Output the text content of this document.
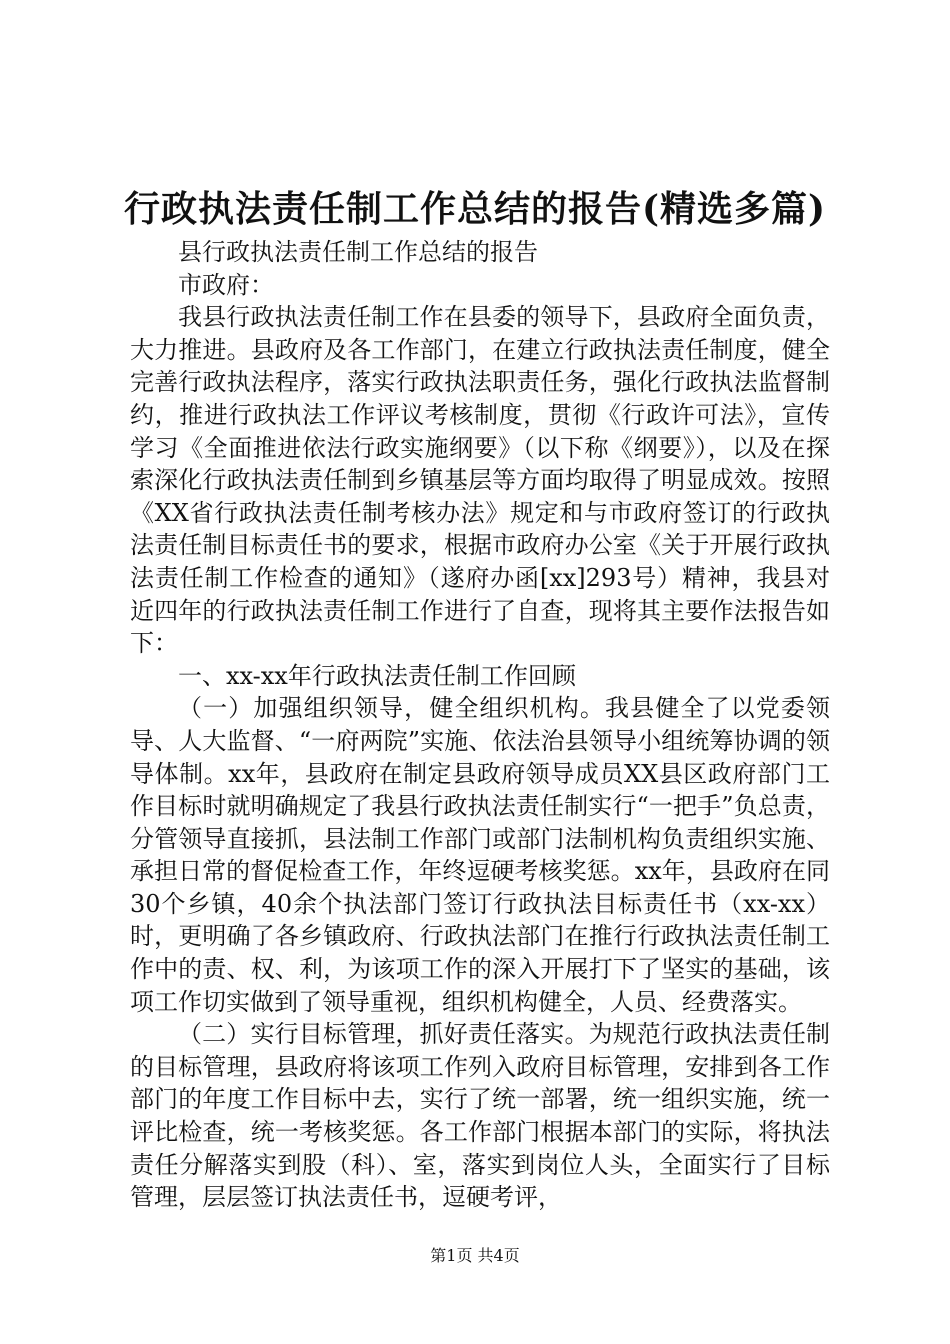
行政执法责任制工作总结的报告(精选多篇)

县行政执法责任制工作总结的报告

市政府：

我县行政执法责任制工作在县委的领导下，县政府全面负责，大力推进。县政府及各工作部门，在建立行政执法责任制度，健全完善行政执法程序，落实行政执法职责任务，强化行政执法监督制约，推进行政执法工作评议考核制度，贯彻《行政许可法》，宣传学习《全面推进依法行政实施纲要》（以下称《纲要》），以及在探索深化行政执法责任制到乡镇基层等方面均取得了明显成效。按照《XX省行政执法责任制考核办法》规定和与市政府签订的行政执法责任制目标责任书的要求，根据市政府办公室《关于开展行政执法责任制工作检查的通知》（遂府办函[xx]293号）精神，我县对近四年的行政执法责任制工作进行了自查，现将其主要作法报告如下：

一、xx-xx年行政执法责任制工作回顾

（一）加强组织领导，健全组织机构。我县健全了以党委领导、人大监督、“一府两院”实施、依法治县领导小组统筹协调的领导体制。xx年，县政府在制定县政府领导成员XX县区政府部门工作目标时就明确规定了我县行政执法责任制实行“一把手”负总责，分管领导直接抓，县法制工作部门或部门法制机构负责组织实施、承担日常的督促检查工作，年终逗硬考核奖惩。xx年，县政府在同30个乡镇，40余个执法部门签订行政执法目标责任书（xx-xx）时，更明确了各乡镇政府、行政执法部门在推行行政执法责任制工作中的责、权、利，为该项工作的深入开展打下了坚实的基础，该项工作切实做到了领导重视，组织机构健全，人员、经费落实。

（二）实行目标管理，抓好责任落实。为规范行政执法责任制的目标管理，县政府将该项工作列入政府目标管理，安排到各工作部门的年度工作目标中去，实行了统一部署，统一组织实施，统一评比检查，统一考核奖惩。各工作部门根据本部门的实际，将执法责任分解落实到股（科）、室，落实到岗位人头，全面实行了目标管理，层层签订执法责任书，逗硬考评，

第1页 共4页
